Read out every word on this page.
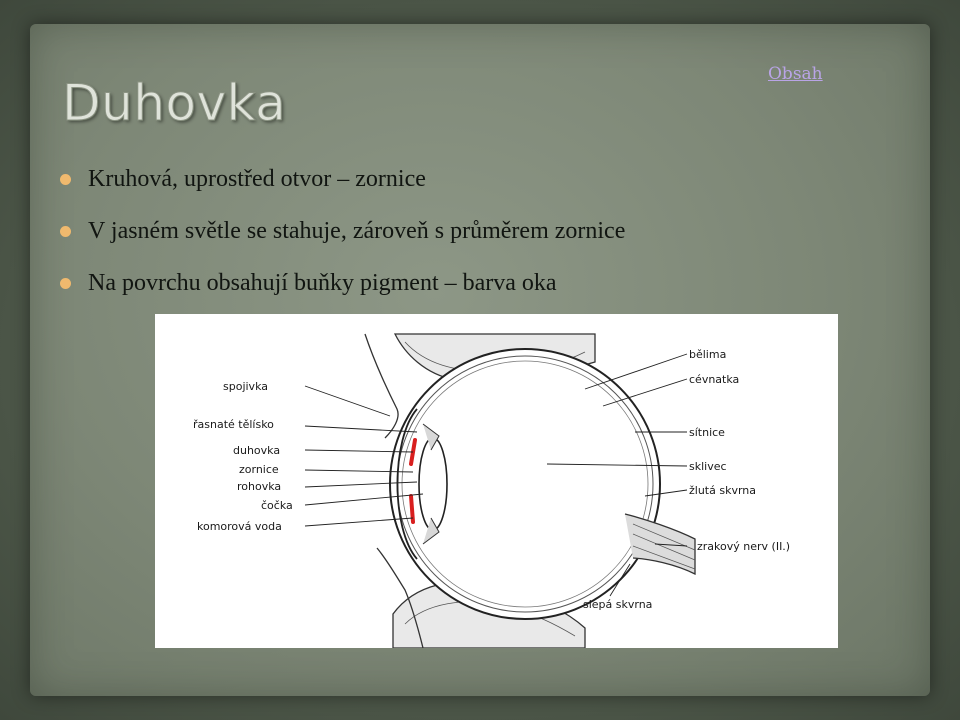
Duhovka	Obsah
Kruhová, uprostřed otvor – zornice
V jasném světle se stahuje, zároveň s průměrem zornice
Na povrchu obsahují buňky pigment – barva oka
spojivka
řasnaté tělísko
duhovka
zornice
rohovka
čočka
komorová voda
bělima
cévnatka
sítnice
sklivec
žlutá skvrna
zrakový nerv (II.)
slepá skvrna
